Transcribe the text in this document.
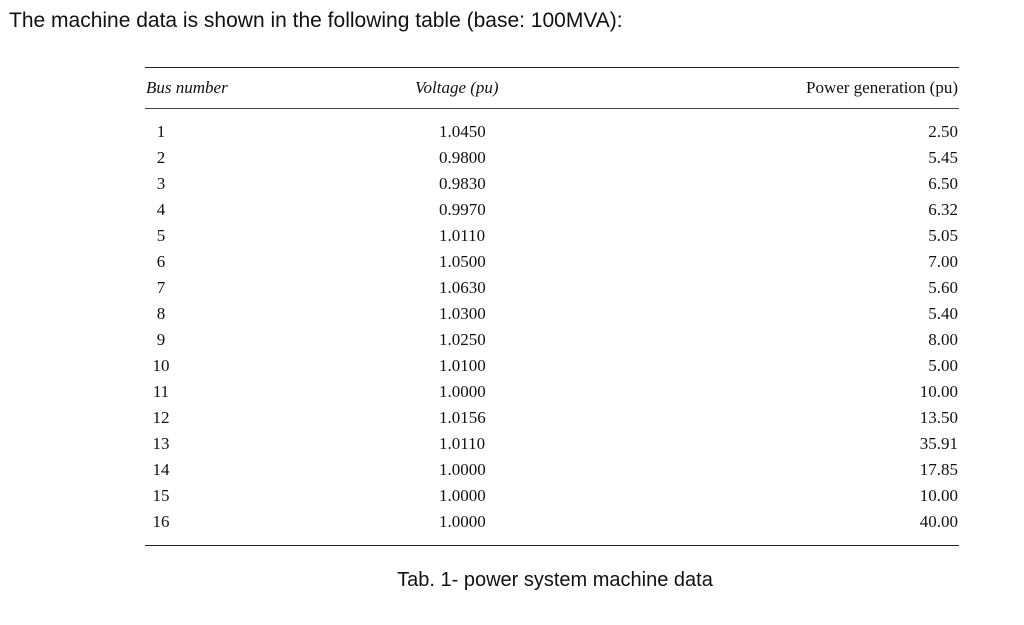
The machine data is shown in the following table (base: 100MVA):
Bus number	Voltage (pu)	Power generation (pu)
1	1.0450	2.50
2	0.9800	5.45
3	0.9830	6.50
4	0.9970	6.32
5	1.0110	5.05
6	1.0500	7.00
7	1.0630	5.60
8	1.0300	5.40
9	1.0250	8.00
10	1.0100	5.00
11	1.0000	10.00
12	1.0156	13.50
13	1.0110	35.91
14	1.0000	17.85
15	1.0000	10.00
16	1.0000	40.00
Tab. 1- power system machine data
